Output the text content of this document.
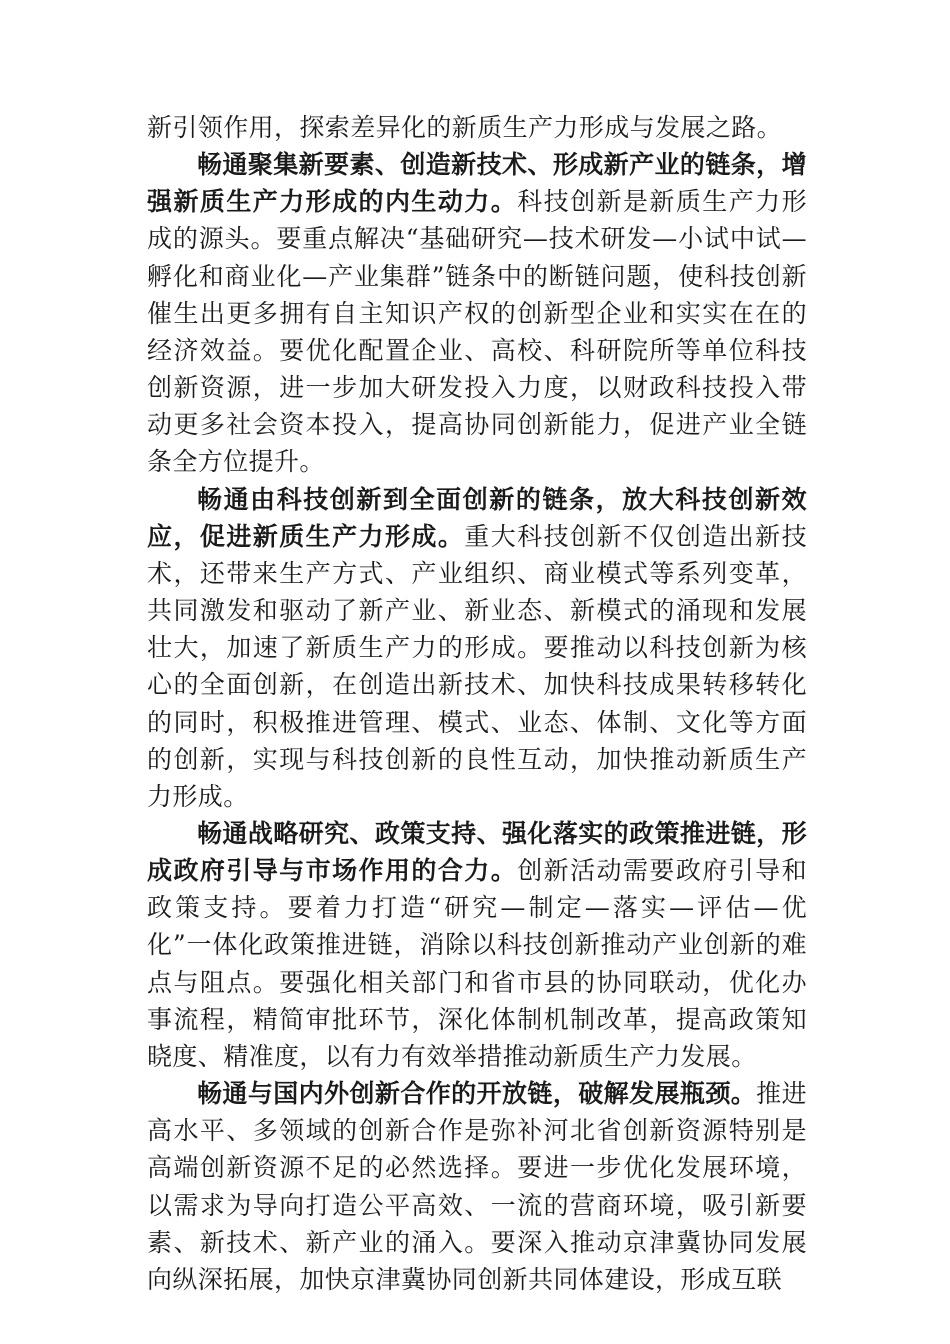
新引领作用，探索差异化的新质生产力形成与发展之路。

畅通聚集新要素、创造新技术、形成新产业的链条，增强新质生产力形成的内生动力。科技创新是新质生产力形成的源头。要重点解决“基础研究—技术研发—小试中试—孵化和商业化—产业集群”链条中的断链问题，使科技创新催生出更多拥有自主知识产权的创新型企业和实实在在的经济效益。要优化配置企业、高校、科研院所等单位科技创新资源，进一步加大研发投入力度，以财政科技投入带动更多社会资本投入，提高协同创新能力，促进产业全链条全方位提升。

畅通由科技创新到全面创新的链条，放大科技创新效应，促进新质生产力形成。重大科技创新不仅创造出新技术，还带来生产方式、产业组织、商业模式等系列变革，共同激发和驱动了新产业、新业态、新模式的涌现和发展壮大，加速了新质生产力的形成。要推动以科技创新为核心的全面创新，在创造出新技术、加快科技成果转移转化的同时，积极推进管理、模式、业态、体制、文化等方面的创新，实现与科技创新的良性互动，加快推动新质生产力形成。

畅通战略研究、政策支持、强化落实的政策推进链，形成政府引导与市场作用的合力。创新活动需要政府引导和政策支持。要着力打造“研究—制定—落实—评估—优化”一体化政策推进链，消除以科技创新推动产业创新的难点与阻点。要强化相关部门和省市县的协同联动，优化办事流程，精简审批环节，深化体制机制改革，提高政策知晓度、精准度，以有力有效举措推动新质生产力发展。

畅通与国内外创新合作的开放链，破解发展瓶颈。推进高水平、多领域的创新合作是弥补河北省创新资源特别是高端创新资源不足的必然选择。要进一步优化发展环境，以需求为导向打造公平高效、一流的营商环境，吸引新要素、新技术、新产业的涌入。要深入推动京津冀协同发展向纵深拓展，加快京津冀协同创新共同体建设，形成互联
